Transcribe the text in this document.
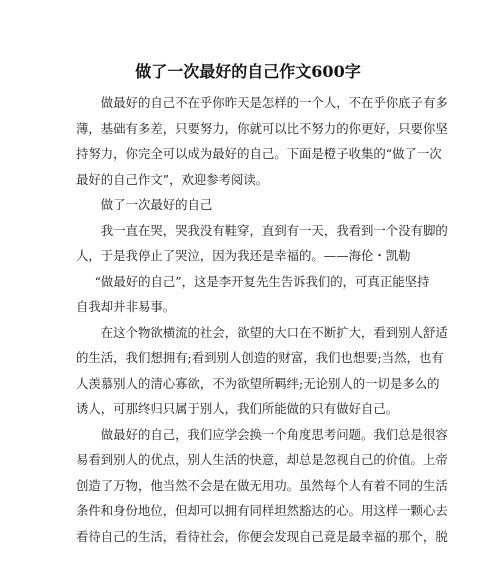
做了一次最好的自己作文600字
做最好的自己不在乎你昨天是怎样的一个人，不在乎你底子有多
薄，基础有多差，只要努力，你就可以比不努力的你更好，只要你坚
持努力，你完全可以成为最好的自己。下面是橙子收集的“做了一次
最好的自己作文”，欢迎参考阅读。
做了一次最好的自己
我一直在哭，哭我没有鞋穿，直到有一天，我看到一个没有脚的
人，于是我停止了哭泣，因为我还是幸福的。——海伦・凯勒
“做最好的自己”，这是李开复先生告诉我们的，可真正能坚持
自我却并非易事。
在这个物欲横流的社会，欲望的大口在不断扩大，看到别人舒适
的生活，我们想拥有;看到别人创造的财富，我们也想要;当然，也有
人羡慕别人的清心寡欲，不为欲望所羁绊;无论别人的一切是多么的
诱人，可那终归只属于别人，我们所能做的只有做好自己。
做最好的自己，我们应学会换一个角度思考问题。我们总是很容
易看到别人的优点，别人生活的快意，却总是忽视自己的价值。上帝
创造了万物，他当然不会是在做无用功。虽然每个人有着不同的生活
条件和身份地位，但却可以拥有同样坦然豁达的心。用这样一颗心去
看待自己的生活，看待社会，你便会发现自己竟是最幸福的那个，脱
